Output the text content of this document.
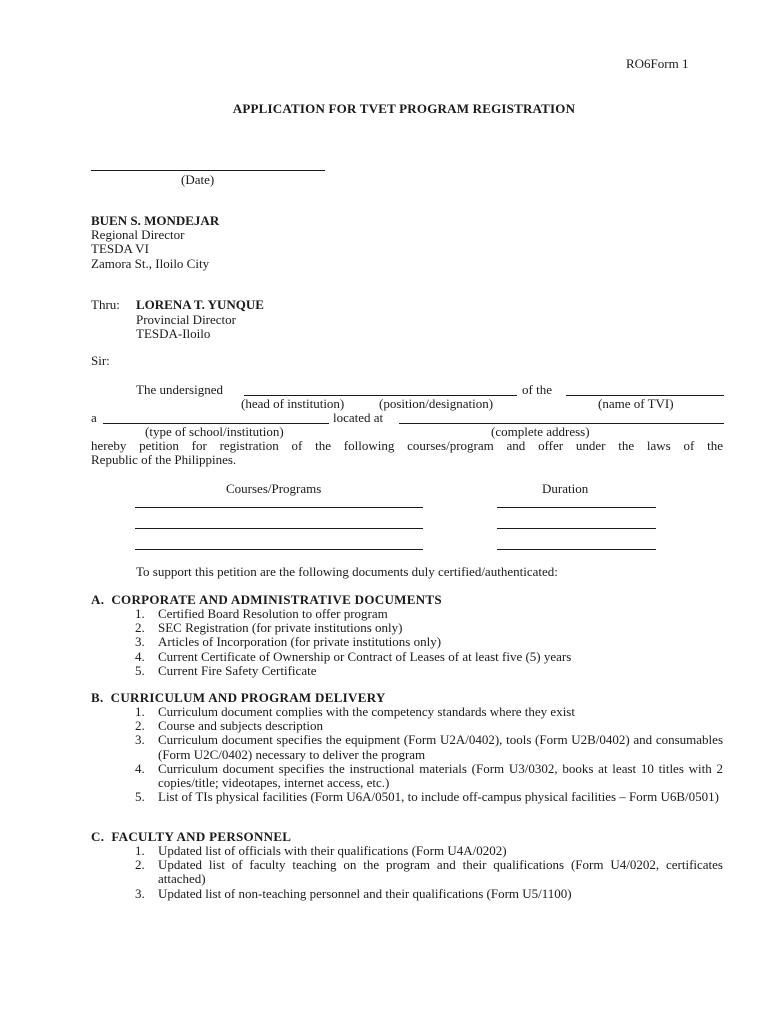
RO6Form 1
APPLICATION FOR TVET PROGRAM REGISTRATION
(Date)
BUEN S. MONDEJAR
Regional Director
TESDA VI
Zamora St., Iloilo City
Thru: LORENA T. YUNQUE
Provincial Director
TESDA-Iloilo
Sir:
The undersigned	of the
(head of institution)	(position/designation)	(name of TVI)
a	located at
(type of school/institution)	(complete address)
hereby petition for registration of the following courses/program and offer under the laws of the
Republic of the Philippines.
Courses/Programs	Duration
To support this petition are the following documents duly certified/authenticated:
A. CORPORATE AND ADMINISTRATIVE DOCUMENTS
1. Certified Board Resolution to offer program
2. SEC Registration (for private institutions only)
3. Articles of Incorporation (for private institutions only)
4. Current Certificate of Ownership or Contract of Leases of at least five (5) years
5. Current Fire Safety Certificate
B. CURRICULUM AND PROGRAM DELIVERY
1. Curriculum document complies with the competency standards where they exist
2. Course and subjects description
3. Curriculum document specifies the equipment (Form U2A/0402), tools (Form U2B/0402) and consumables (Form U2C/0402) necessary to deliver the program
4. Curriculum document specifies the instructional materials (Form U3/0302, books at least 10 titles with 2 copies/title; videotapes, internet access, etc.)
5. List of TIs physical facilities (Form U6A/0501, to include off-campus physical facilities – Form U6B/0501)
C. FACULTY AND PERSONNEL
1. Updated list of officials with their qualifications (Form U4A/0202)
2. Updated list of faculty teaching on the program and their qualifications (Form U4/0202, certificates attached)
3. Updated list of non-teaching personnel and their qualifications (Form U5/1100)
